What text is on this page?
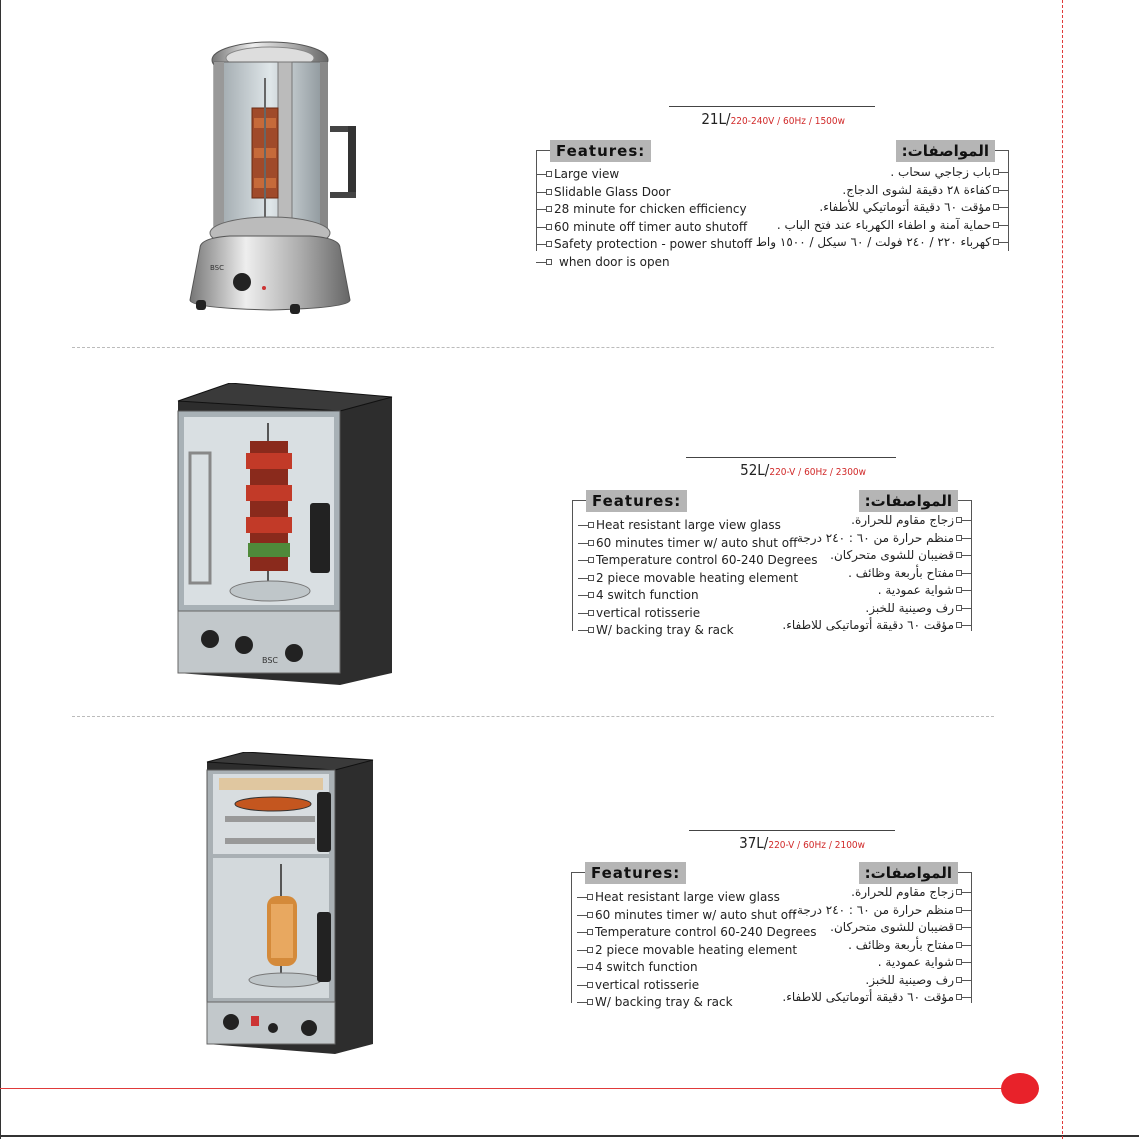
BSC
21L/220-240V / 60Hz / 1500w
Features:
Large view
Slidable Glass Door
28 minute for chicken efficiency
60 minute off timer auto shutoff
Safety protection - power shutoff
when door is open
المواصفات:
باب زجاجي سحاب .
كفاءة ٢٨ دقيقة لشوى الدجاج.
مؤقت ٦٠ دقيقة أتوماتيكي للأطفاء.
حماية آمنة و اطفاء الكهرباء عند فتح الباب .
كهرباء ٢٢٠ / ٢٤٠ فولت / ٦٠ سيكل / ١٥٠٠ واط
BSC
52L/220-V / 60Hz / 2300w
Features:
Heat resistant large view glass
60 minutes timer w/ auto shut off
Temperature control 60-240 Degrees
2 piece movable heating element
4 switch function
vertical rotisserie
W/ backing tray & rack
المواصفات:
زجاج مقاوم للحرارة.
منظم حرارة من ٦٠ : ٢٤٠ درجة.
قضيبان للشوى متحركان.
مفتاح بأربعة وظائف .
شواية عمودية .
رف وصينية للخبز.
مؤقت ٦٠ دقيقة أتوماتيكى للاطفاء.
37L/220-V / 60Hz / 2100w
Features:
Heat resistant large view glass
60 minutes timer w/ auto shut off
Temperature control 60-240 Degrees
2 piece movable heating element
4 switch function
vertical rotisserie
W/ backing tray & rack
المواصفات:
زجاج مقاوم للحرارة.
منظم حرارة من ٦٠ : ٢٤٠ درجة.
قضيبان للشوى متحركان.
مفتاح بأربعة وظائف .
شواية عمودية .
رف وصينية للخبز.
مؤقت ٦٠ دقيقة أتوماتيكى للاطفاء.
